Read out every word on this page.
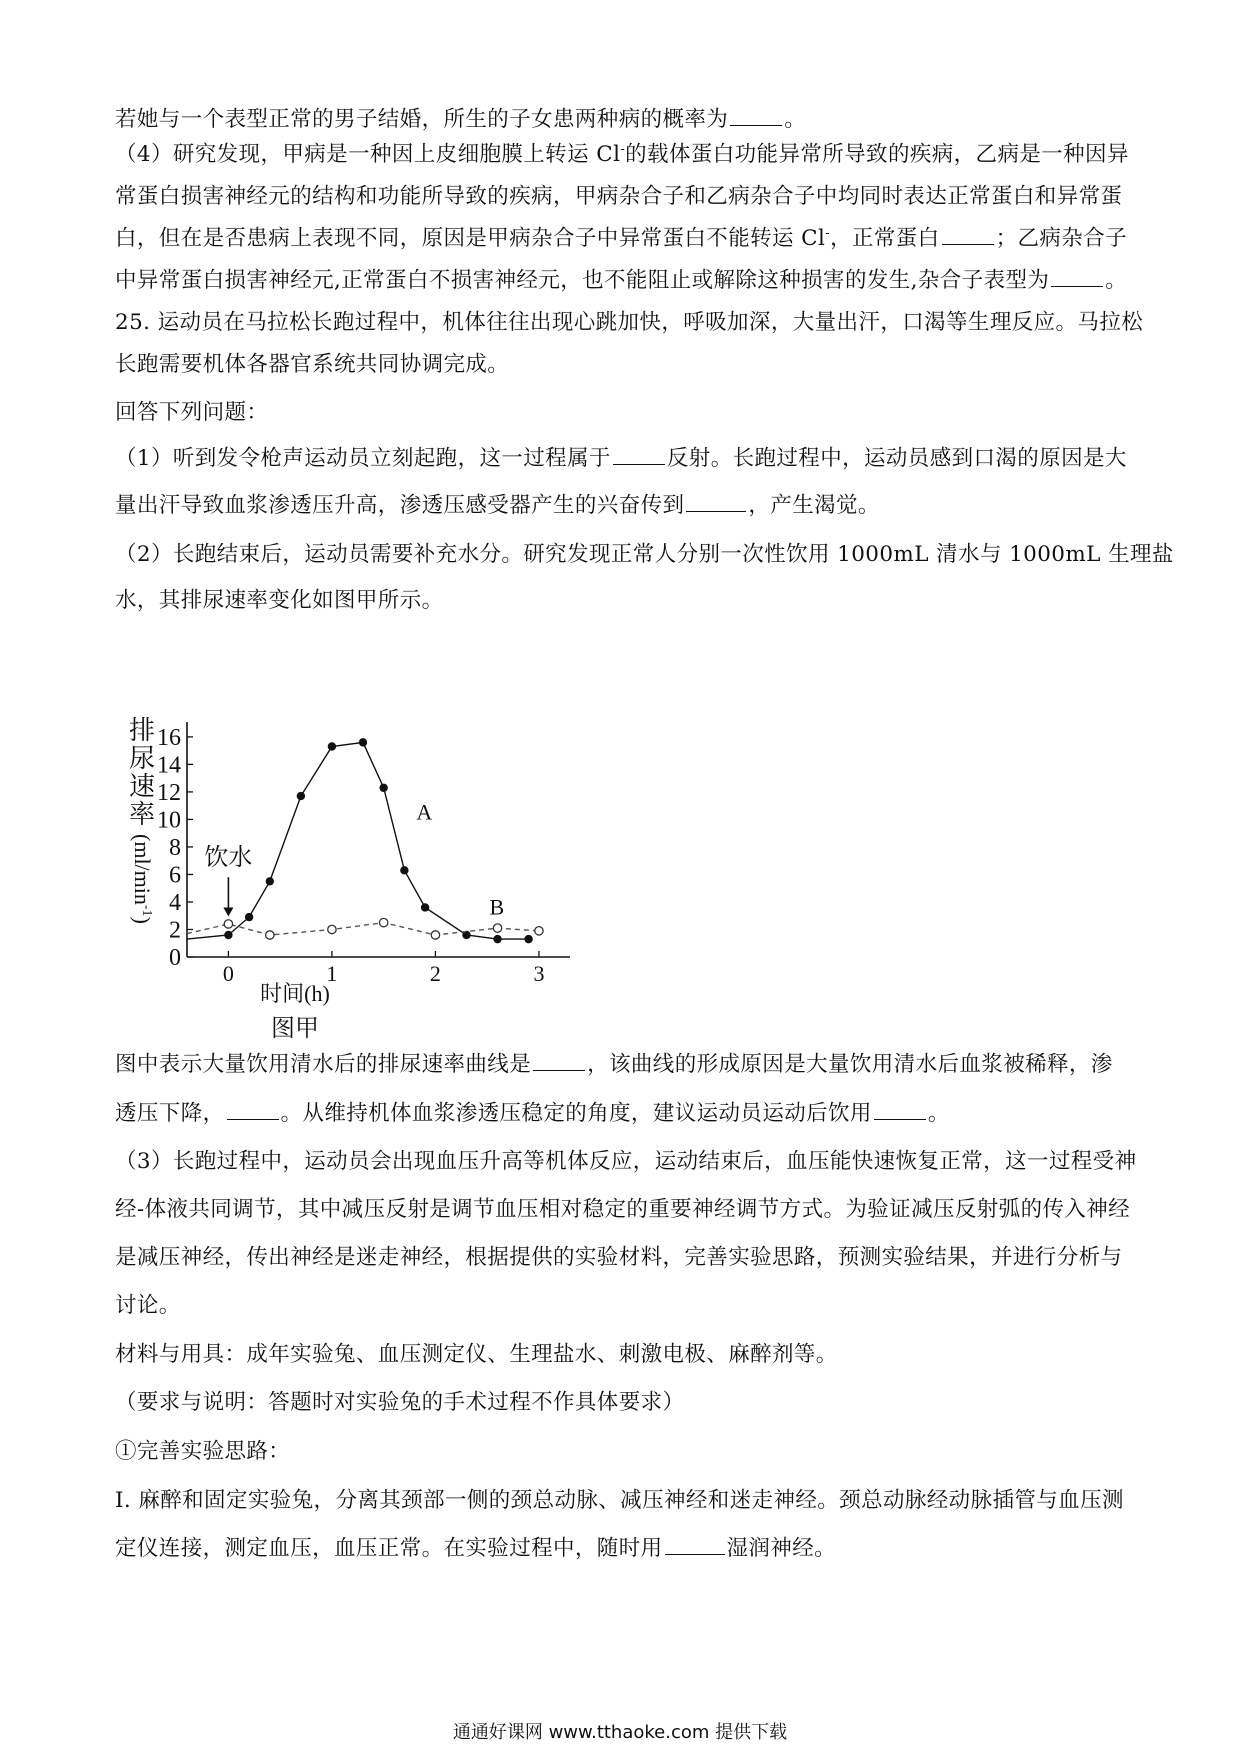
若她与一个表型正常的男子结婚，所生的子女患两种病的概率为	。
（4）研究发现，甲病是一种因上皮细胞膜上转运 Cl-的载体蛋白功能异常所导致的疾病，乙病是一种因异
常蛋白损害神经元的结构和功能所导致的疾病，甲病杂合子和乙病杂合子中均同时表达正常蛋白和异常蛋
白，但在是否患病上表现不同，原因是甲病杂合子中异常蛋白不能转运 Cl-，正常蛋白	；乙病杂合子
中异常蛋白损害神经元,正常蛋白不损害神经元，也不能阻止或解除这种损害的发生,杂合子表型为	。
25. 运动员在马拉松长跑过程中，机体往往出现心跳加快，呼吸加深，大量出汗，口渴等生理反应。马拉松
长跑需要机体各器官系统共同协调完成。
回答下列问题：
（1）听到发令枪声运动员立刻起跑，这一过程属于	反射。长跑过程中，运动员感到口渴的原因是大
量出汗导致血浆渗透压升高，渗透压感受器产生的兴奋传到	，产生渴觉。
（2）长跑结束后，运动员需要补充水分。研究发现正常人分别一次性饮用 1000mL 清水与 1000mL 生理盐
水，其排尿速率变化如图甲所示。
排
尿
速
率
$(ml/\min^{-1})$
时间(h)
图甲
0
2
4
6
8
10
12
14
16
0	1	2	3
A
B
饮水
图中表示大量饮用清水后的排尿速率曲线是	，该曲线的形成原因是大量饮用清水后血浆被稀释，渗
透压下降，	。从维持机体血浆渗透压稳定的角度，建议运动员运动后饮用	。
（3）长跑过程中，运动员会出现血压升高等机体反应，运动结束后，血压能快速恢复正常，这一过程受神
经-体液共同调节，其中减压反射是调节血压相对稳定的重要神经调节方式。为验证减压反射弧的传入神经
是减压神经，传出神经是迷走神经，根据提供的实验材料，完善实验思路，预测实验结果，并进行分析与
讨论。
材料与用具：成年实验兔、血压测定仪、生理盐水、刺激电极、麻醉剂等。
（要求与说明：答题时对实验兔的手术过程不作具体要求）
①完善实验思路：
I. 麻醉和固定实验兔，分离其颈部一侧的颈总动脉、减压神经和迷走神经。颈总动脉经动脉插管与血压测
定仪连接，测定血压，血压正常。在实验过程中，随时用	湿润神经。
通通好课网 www.tthaoke.com 提供下载
